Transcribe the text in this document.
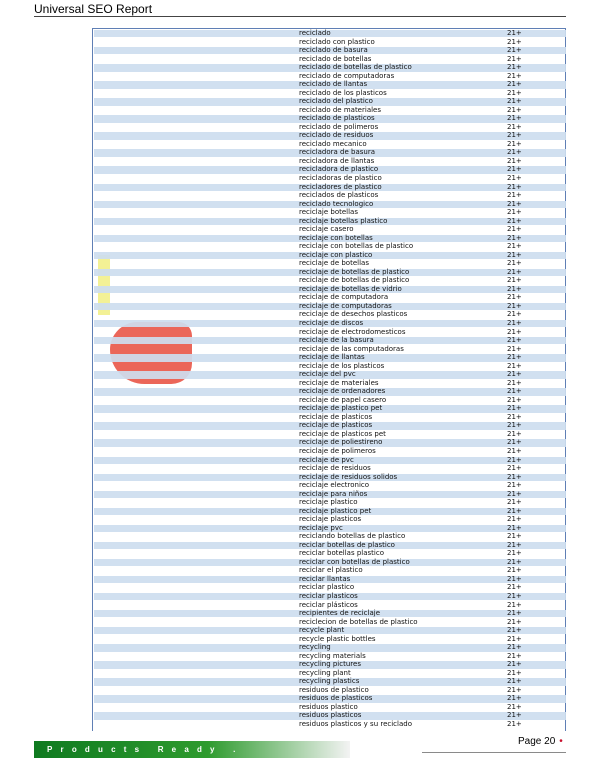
Universal SEO Report
reciclado	21+
reciclado con plastico	21+
reciclado de basura	21+
reciclado de botellas	21+
reciclado de botellas de plastico	21+
reciclado de computadoras	21+
reciclado de llantas	21+
reciclado de los plasticos	21+
reciclado del plastico	21+
reciclado de materiales	21+
reciclado de plasticos	21+
reciclado de polimeros	21+
reciclado de residuos	21+
reciclado mecanico	21+
recicladora de basura	21+
recicladora de llantas	21+
recicladora de plastico	21+
recicladoras de plastico	21+
recicladores de plastico	21+
reciclados de plasticos	21+
reciclado tecnologico	21+
reciclaje botellas	21+
reciclaje botellas plastico	21+
reciclaje casero	21+
reciclaje con botellas	21+
reciclaje con botellas de plastico	21+
reciclaje con plastico	21+
reciclaje de botellas	21+
reciclaje de botellas de plastico	21+
reciclaje de botellas de plastico	21+
reciclaje de botellas de vidrio	21+
reciclaje de computadora	21+
reciclaje de computadoras	21+
reciclaje de desechos plasticos	21+
reciclaje de discos	21+
reciclaje de electrodomesticos	21+
reciclaje de la basura	21+
reciclaje de las computadoras	21+
reciclaje de llantas	21+
reciclaje de los plasticos	21+
reciclaje del pvc	21+
reciclaje de materiales	21+
reciclaje de ordenadores	21+
reciclaje de papel casero	21+
reciclaje de plastico pet	21+
reciclaje de plasticos	21+
reciclaje de plasticos	21+
reciclaje de plasticos pet	21+
reciclaje de poliestireno	21+
reciclaje de polimeros	21+
reciclaje de pvc	21+
reciclaje de residuos	21+
reciclaje de residuos solidos	21+
reciclaje electronico	21+
reciclaje para niños	21+
reciclaje plastico	21+
reciclaje plastico pet	21+
reciclaje plasticos	21+
reciclaje pvc	21+
reciclando botellas de plastico	21+
reciclar botellas de plastico	21+
reciclar botellas plastico	21+
reciclar con botellas de plastico	21+
reciclar el plastico	21+
reciclar llantas	21+
reciclar plastico	21+
reciclar plasticos	21+
reciclar plásticos	21+
recipientes de reciclaje	21+
reciclecion de botellas de plastico	21+
recycle plant	21+
recycle plastic bottles	21+
recycling	21+
recycling materials	21+
recycling pictures	21+
recycling plant	21+
recycling plastics	21+
residuos de plastico	21+
residuos de plasticos	21+
residuos plastico	21+
residuos plasticos	21+
residuos plasticos y su reciclado	21+
Products Ready . Business Ready
Page 20 •
